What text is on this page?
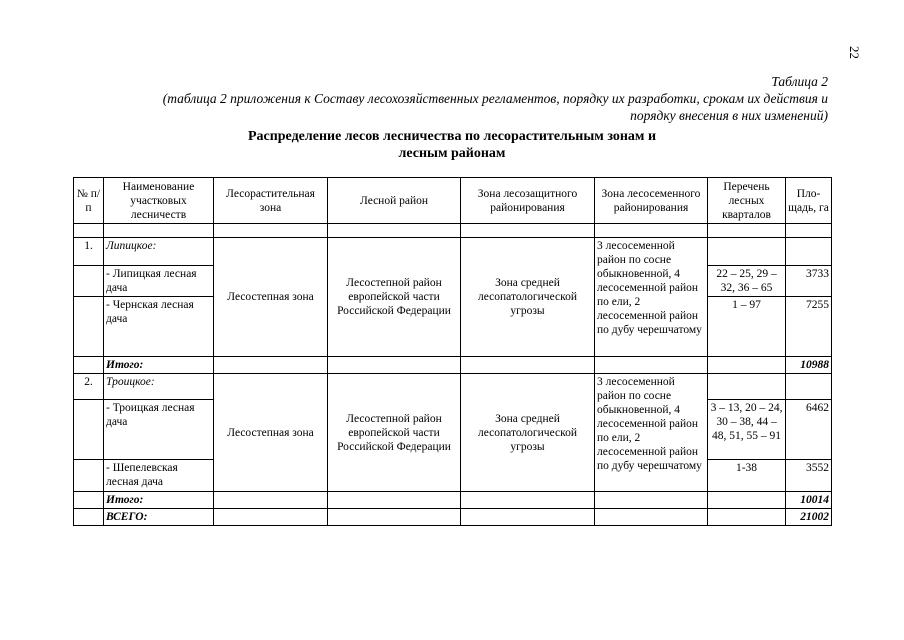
22
Таблица 2
(таблица 2 приложения к Составу лесохозяйственных регламентов, порядку их разработки, срокам их действия и
порядку внесения в них изменений)
Распределение лесов лесничества по лесорастительным зонам и
лесным районам
№ п/п	Наименование участковых лесничеств	Лесорастительная зона	Лесной район	Зона лесозащитного районирования	Зона лесосеменного районирования	Перечень лесных кварталов	Пло- щадь, га

1.	Липицкое:	Лесостепная зона	Лесостепной район европейской части Российской Федерации	Зона средней лесопатологической угрозы	3 лесосеменной район по сосне обыкновенной, 4 лесосеменной район по ели, 2 лесосеменной район по дубу черешчатому		
	- Липицкая лесная дача					22 – 25, 29 – 32, 36 – 65	3733
	- Чернская лесная дача					1 – 97	7255
	Итого:						10988
2.	Троицкое:	Лесостепная зона	Лесостепной район европейской части Российской Федерации	Зона средней лесопатологической угрозы	3 лесосеменной район по сосне обыкновенной, 4 лесосеменной район по ели, 2 лесосеменной район по дубу черешчатому		
	- Троицкая лесная дача					3 – 13, 20 – 24, 30 – 38, 44 – 48, 51, 55 – 91	6462
	- Шепелевская лесная дача					1-38	3552
	Итого:						10014
	ВСЕГО:						21002
